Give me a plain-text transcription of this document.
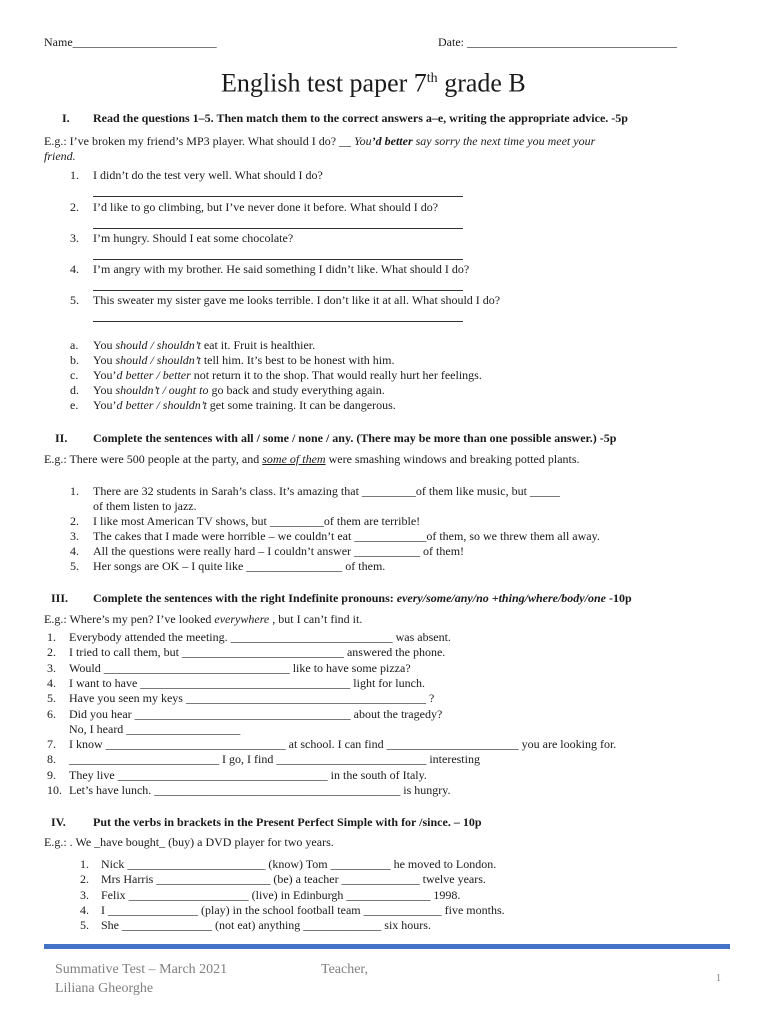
Name________________________	Date: ___________________________________
English test paper 7th grade B
I. Read the questions 1–5. Then match them to the correct answers a–e, writing the appropriate advice. -5p
E.g.: I’ve broken my friend’s MP3 player. What should I do? __ You’d better say sorry the next time you meet your
friend.
1. I didn’t do the test very well. What should I do?
2. I’d like to go climbing, but I’ve never done it before. What should I do?
3. I’m hungry. Should I eat some chocolate?
4. I’m angry with my brother. He said something I didn’t like. What should I do?
5. This sweater my sister gave me looks terrible. I don’t like it at all. What should I do?
a. You should / shouldn’t eat it. Fruit is healthier.
b. You should / shouldn’t tell him. It’s best to be honest with him.
c. You’d better / better not return it to the shop. That would really hurt her feelings.
d. You shouldn’t / ought to go back and study everything again.
e. You’d better / shouldn’t get some training. It can be dangerous.
II. Complete the sentences with all / some / none / any. (There may be more than one possible answer.) -5p
E.g.: There were 500 people at the party, and some of them were smashing windows and breaking potted plants.
1. There are 32 students in Sarah’s class. It’s amazing that _________of them like music, but _____
of them listen to jazz.
2. I like most American TV shows, but _________of them are terrible!
3. The cakes that I made were horrible – we couldn’t eat ____________of them, so we threw them all away.
4. All the questions were really hard – I couldn’t answer ___________ of them!
5. Her songs are OK – I quite like ________________ of them.
III. Complete the sentences with the right Indefinite pronouns: every/some/any/no +thing/where/body/one -10p
E.g.: Where’s my pen? I’ve looked everywhere , but I can’t find it.
1. Everybody attended the meeting. ___________________________ was absent.
2. I tried to call them, but ___________________________ answered the phone.
3. Would _______________________________ like to have some pizza?
4. I want to have ___________________________________ light for lunch.
5. Have you seen my keys ________________________________________ ?
6. Did you hear ____________________________________ about the tragedy?
No, I heard ___________________
7. I know ______________________________ at school. I can find ______________________ you are looking for.
8. _________________________ I go, I find _________________________ interesting
9. They live ___________________________________ in the south of Italy.
10. Let’s have lunch. _________________________________________ is hungry.
IV. Put the verbs in brackets in the Present Perfect Simple with for /since. – 10p
E.g.: . We _have bought_ (buy) a DVD player for two years.
1. Nick _______________________ (know) Tom __________ he moved to London.
2. Mrs Harris ___________________ (be) a teacher _____________ twelve years.
3. Felix ____________________ (live) in Edinburgh ______________ 1998.
4. I _______________ (play) in the school football team _____________ five months.
5. She _______________ (not eat) anything _____________ six hours.
Summative Test – March 2021	Teacher,
Liliana Gheorghe
1
